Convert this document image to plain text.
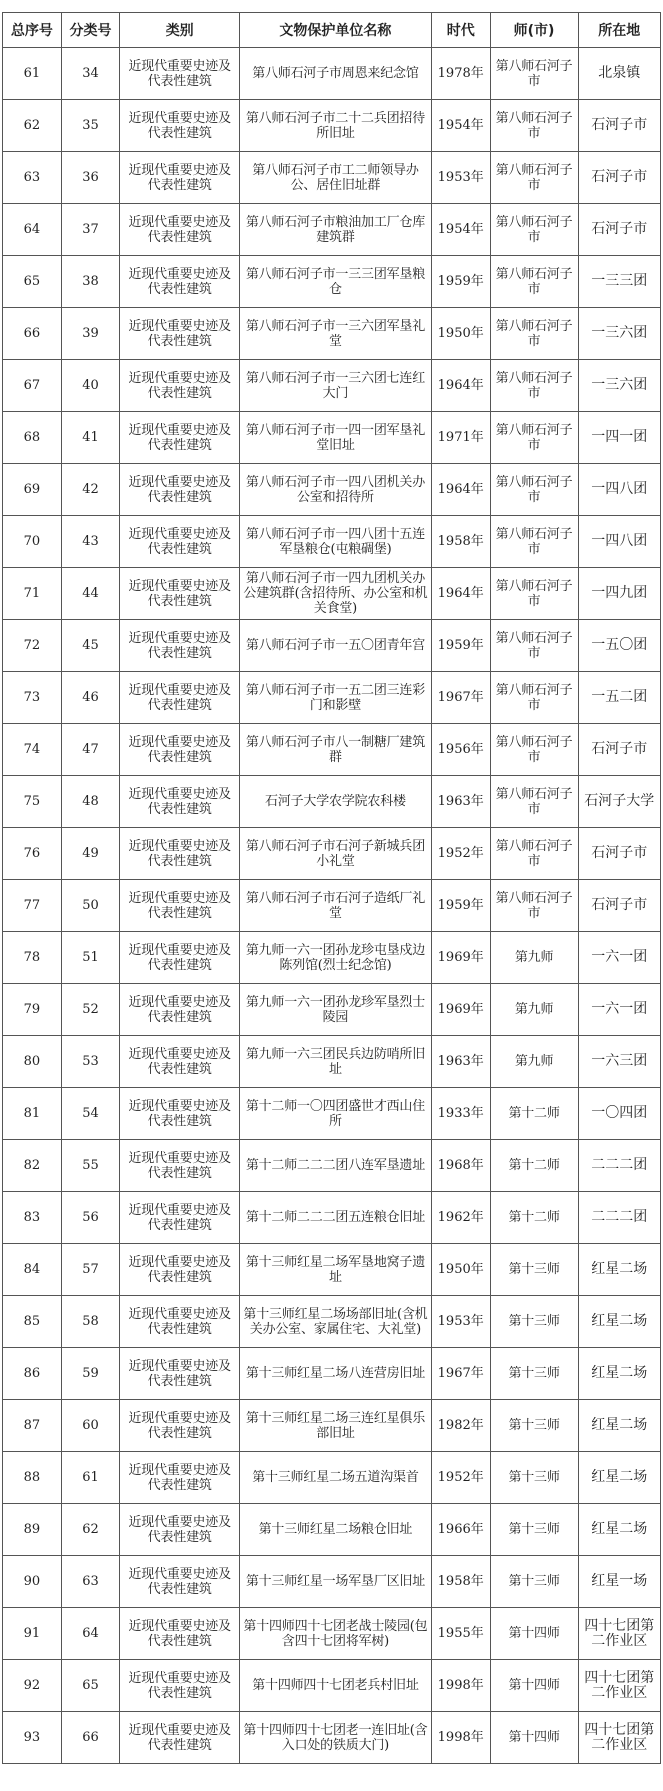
总序号	分类号	类别	文物保护单位名称	时代	师(市)	所在地
61	34	近现代重要史迹及代表性建筑	第八师石河子市周恩来纪念馆	1978年	第八师石河子市	北泉镇
62	35	近现代重要史迹及代表性建筑	第八师石河子市二十二兵团招待所旧址	1954年	第八师石河子市	石河子市
63	36	近现代重要史迹及代表性建筑	第八师石河子市工二师领导办公、居住旧址群	1953年	第八师石河子市	石河子市
64	37	近现代重要史迹及代表性建筑	第八师石河子市粮油加工厂仓库建筑群	1954年	第八师石河子市	石河子市
65	38	近现代重要史迹及代表性建筑	第八师石河子市一三三团军垦粮仓	1959年	第八师石河子市	一三三团
66	39	近现代重要史迹及代表性建筑	第八师石河子市一三六团军垦礼堂	1950年	第八师石河子市	一三六团
67	40	近现代重要史迹及代表性建筑	第八师石河子市一三六团七连红大门	1964年	第八师石河子市	一三六团
68	41	近现代重要史迹及代表性建筑	第八师石河子市一四一团军垦礼堂旧址	1971年	第八师石河子市	一四一团
69	42	近现代重要史迹及代表性建筑	第八师石河子市一四八团机关办公室和招待所	1964年	第八师石河子市	一四八团
70	43	近现代重要史迹及代表性建筑	第八师石河子市一四八团十五连军垦粮仓(屯粮碉堡)	1958年	第八师石河子市	一四八团
71	44	近现代重要史迹及代表性建筑	第八师石河子市一四九团机关办公建筑群(含招待所、办公室和机关食堂)	1964年	第八师石河子市	一四九团
72	45	近现代重要史迹及代表性建筑	第八师石河子市一五〇团青年宫	1959年	第八师石河子市	一五〇团
73	46	近现代重要史迹及代表性建筑	第八师石河子市一五二团三连彩门和影壁	1967年	第八师石河子市	一五二团
74	47	近现代重要史迹及代表性建筑	第八师石河子市八一制糖厂建筑群	1956年	第八师石河子市	石河子市
75	48	近现代重要史迹及代表性建筑	石河子大学农学院农科楼	1963年	第八师石河子市	石河子大学
76	49	近现代重要史迹及代表性建筑	第八师石河子市石河子新城兵团小礼堂	1952年	第八师石河子市	石河子市
77	50	近现代重要史迹及代表性建筑	第八师石河子市石河子造纸厂礼堂	1959年	第八师石河子市	石河子市
78	51	近现代重要史迹及代表性建筑	第九师一六一团孙龙珍屯垦戍边陈列馆(烈士纪念馆)	1969年	第九师	一六一团
79	52	近现代重要史迹及代表性建筑	第九师一六一团孙龙珍军垦烈士陵园	1969年	第九师	一六一团
80	53	近现代重要史迹及代表性建筑	第九师一六三团民兵边防哨所旧址	1963年	第九师	一六三团
81	54	近现代重要史迹及代表性建筑	第十二师一〇四团盛世才西山住所	1933年	第十二师	一〇四团
82	55	近现代重要史迹及代表性建筑	第十二师二二二团八连军垦遗址	1968年	第十二师	二二二团
83	56	近现代重要史迹及代表性建筑	第十二师二二二团五连粮仓旧址	1962年	第十二师	二二二团
84	57	近现代重要史迹及代表性建筑	第十三师红星二场军垦地窝子遗址	1950年	第十三师	红星二场
85	58	近现代重要史迹及代表性建筑	第十三师红星二场场部旧址(含机关办公室、家属住宅、大礼堂)	1953年	第十三师	红星二场
86	59	近现代重要史迹及代表性建筑	第十三师红星二场八连营房旧址	1967年	第十三师	红星二场
87	60	近现代重要史迹及代表性建筑	第十三师红星二场三连红星俱乐部旧址	1982年	第十三师	红星二场
88	61	近现代重要史迹及代表性建筑	第十三师红星二场五道沟渠首	1952年	第十三师	红星二场
89	62	近现代重要史迹及代表性建筑	第十三师红星二场粮仓旧址	1966年	第十三师	红星二场
90	63	近现代重要史迹及代表性建筑	第十三师红星一场军垦厂区旧址	1958年	第十三师	红星一场
91	64	近现代重要史迹及代表性建筑	第十四师四十七团老战士陵园(包含四十七团将军树)	1955年	第十四师	四十七团第二作业区
92	65	近现代重要史迹及代表性建筑	第十四师四十七团老兵村旧址	1998年	第十四师	四十七团第二作业区
93	66	近现代重要史迹及代表性建筑	第十四师四十七团老一连旧址(含入口处的铁质大门)	1998年	第十四师	四十七团第二作业区
